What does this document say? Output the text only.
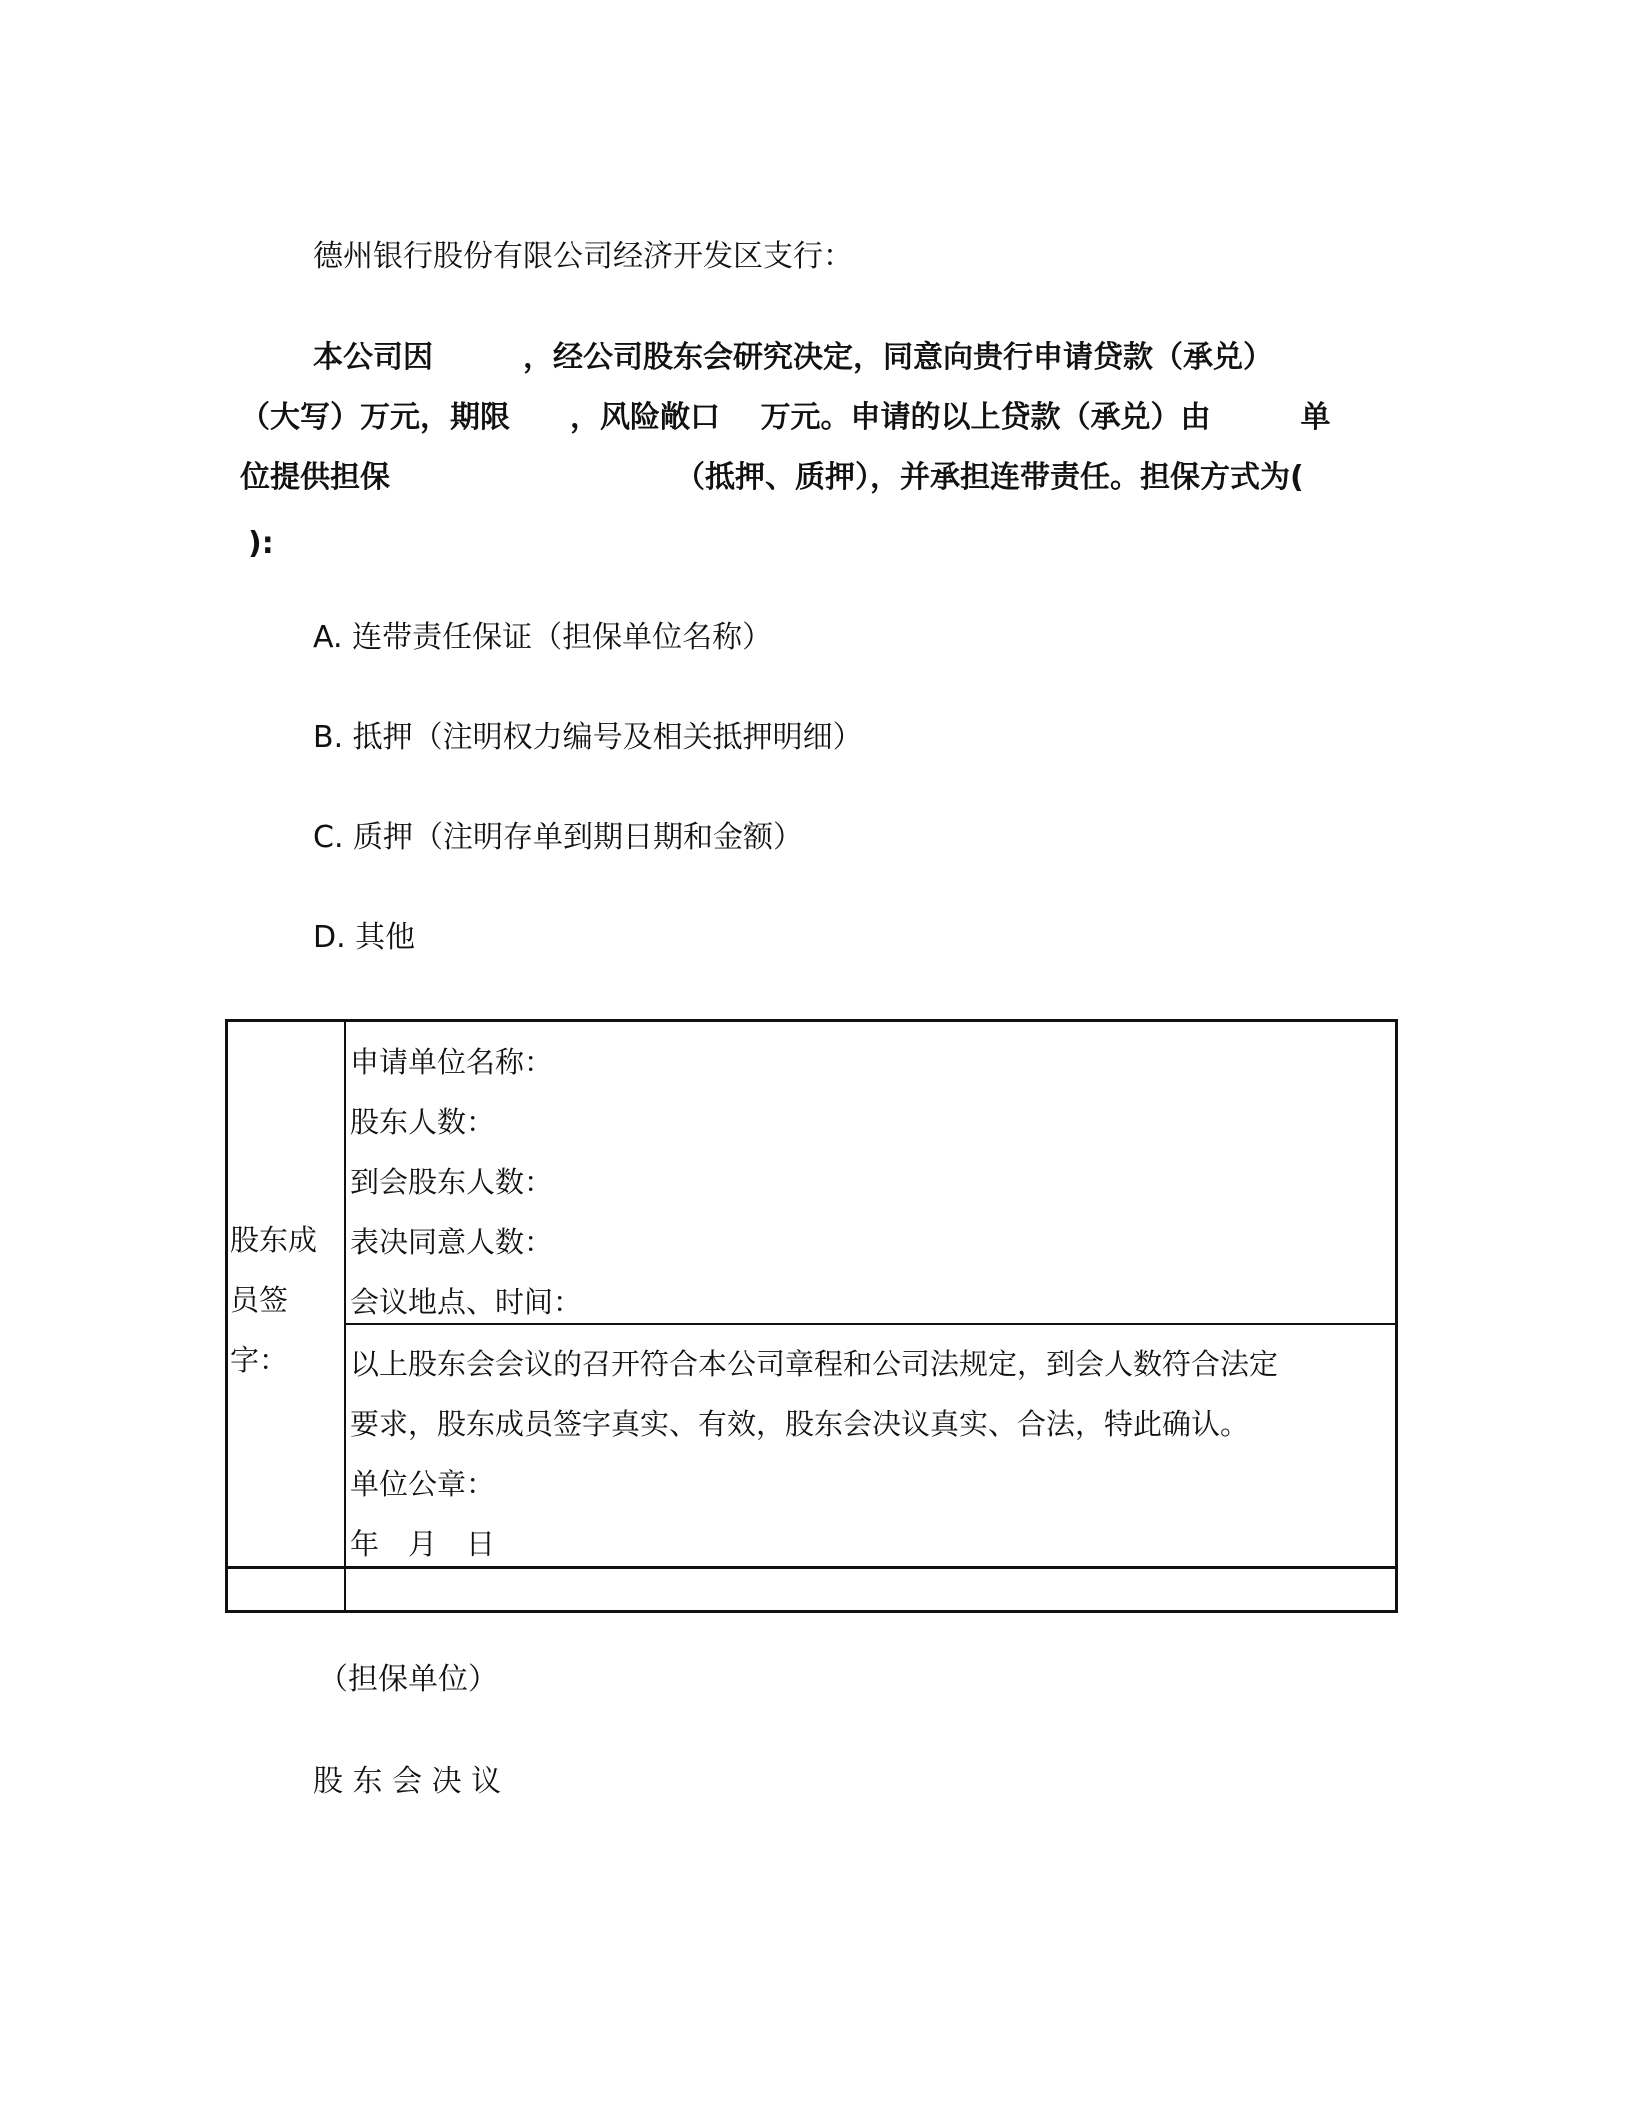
德州银行股份有限公司经济开发区支行：
本公司因　　　，经公司股东会研究决定，同意向贵行申请贷款（承兑）
（大写）万元，期限　　，风险敞口　 万元。申请的以上贷款（承兑）由　　　单
位提供担保　　　　　　　　　　（抵押、质押），并承担连带责任。担保方式为(
):
A. 连带责任保证（担保单位名称）
B. 抵押（注明权力编号及相关抵押明细）
C. 质押（注明存单到期日期和金额）
D. 其他
股东成
员签
字：
申请单位名称：
股东人数：
到会股东人数：
表决同意人数：
会议地点、时间：
以上股东会会议的召开符合本公司章程和公司法规定，到会人数符合法定
要求，股东成员签字真实、有效，股东会决议真实、合法，特此确认。
单位公章：
年　月　日
（担保单位）
股 东 会 决 议
